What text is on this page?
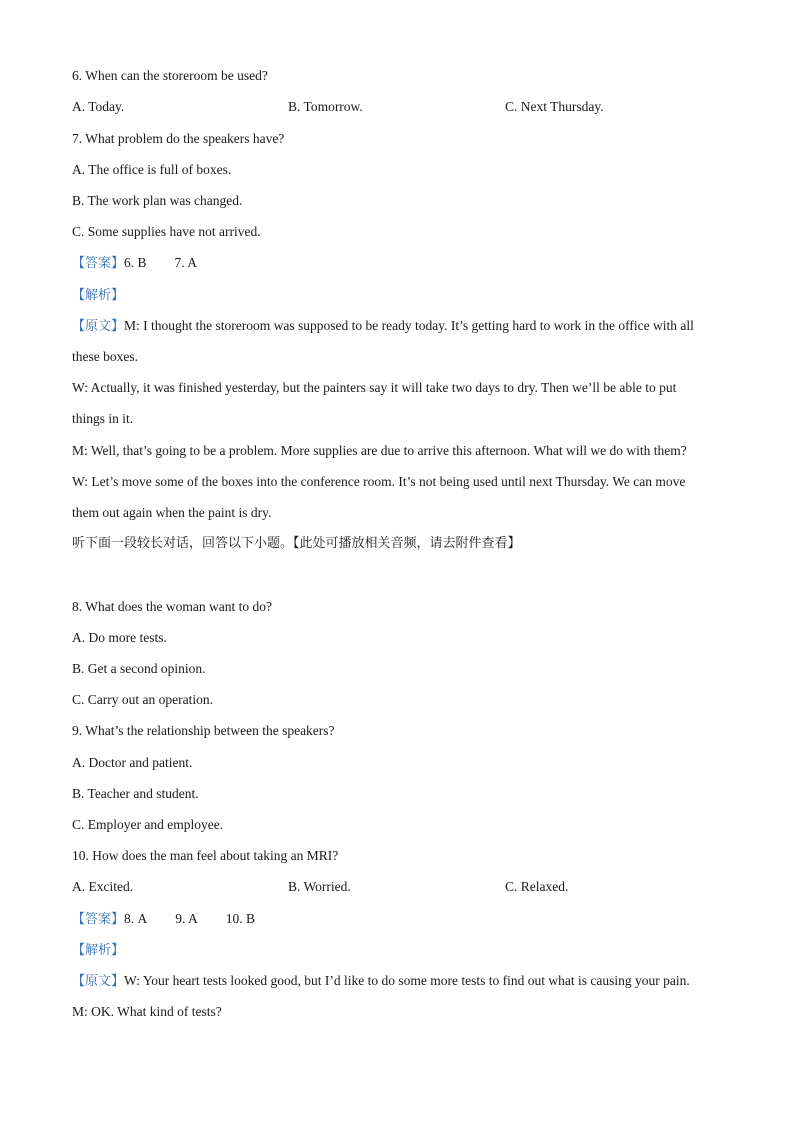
6. When can the storeroom be used?
A. Today.	B. Tomorrow.	C. Next Thursday.
7. What problem do the speakers have?
A. The office is full of boxes.
B. The work plan was changed.
C. Some supplies have not arrived.
【答案】6. B 7. A
【解析】
【原文】M: I thought the storeroom was supposed to be ready today. It’s getting hard to work in the office with all
these boxes.
W: Actually, it was finished yesterday, but the painters say it will take two days to dry. Then we’ll be able to put
things in it.
M: Well, that’s going to be a problem. More supplies are due to arrive this afternoon. What will we do with them?
W: Let’s move some of the boxes into the conference room. It’s not being used until next Thursday. We can move
them out again when the paint is dry.
听下面一段较长对话，回答以下小题。【此处可播放相关音频，请去附件查看】
8. What does the woman want to do?
A. Do more tests.
B. Get a second opinion.
C. Carry out an operation.
9. What’s the relationship between the speakers?
A. Doctor and patient.
B. Teacher and student.
C. Employer and employee.
10. How does the man feel about taking an MRI?
A. Excited.	B. Worried.	C. Relaxed.
【答案】8. A 9. A 10. B
【解析】
【原文】W: Your heart tests looked good, but I’d like to do some more tests to find out what is causing your pain.
M: OK. What kind of tests?
